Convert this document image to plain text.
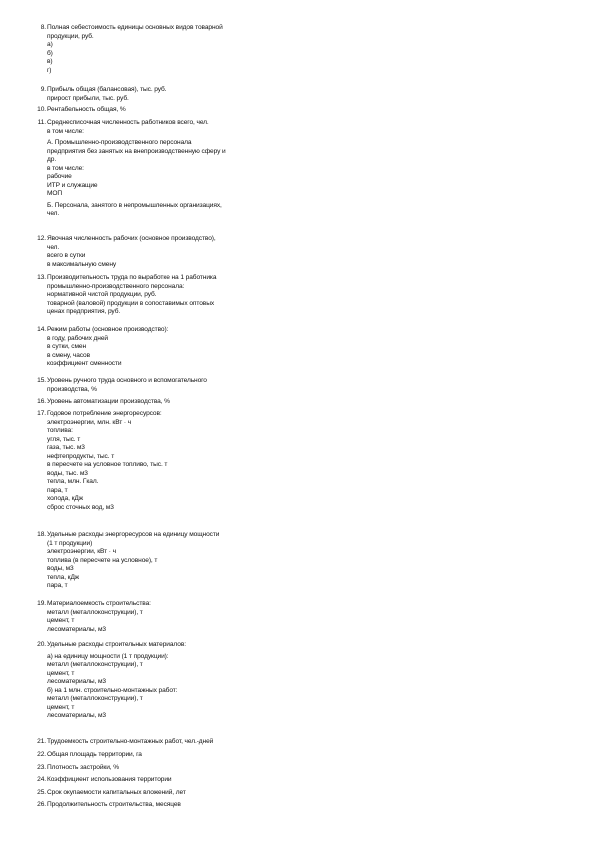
8. Полная себестоимость единицы основных видов товарной
продукции, руб.
а)
б)
в)
г)
9. Прибыль общая (балансовая), тыс. руб.
прирост прибыли, тыс. руб.
10. Рентабельность общая, %
11. Среднесписочная численность работников всего, чел.
в том числе:
А. Промышленно-производственного персонала
предприятия без занятых на внепроизводственную сферу и
др.
в том числе:
рабочие
ИТР и служащие
МОП
Б. Персонала, занятого в непромышленных организациях,
чел.
12. Явочная численность рабочих (основное производство),
чел.
всего в сутки
в максимальную смену
13. Производительность труда по выработке на 1 работника
промышленно-производственного персонала:
нормативной чистой продукции, руб.
товарной (валовой) продукции в сопоставимых оптовых
ценах предприятия, руб.
14. Режим работы (основное производство):
в году, рабочих дней
в сутки, смен
в смену, часов
коэффициент сменности
15. Уровень ручного труда основного и вспомогательного
производства, %
16. Уровень автоматизации производства, %
17. Годовое потребление энергоресурсов:
электроэнергии, млн. кВт · ч
топлива:
угля, тыс. т
газа, тыс. м3
нефтепродукты, тыс. т
в пересчете на условное топливо, тыс. т
воды, тыс. м3
тепла, млн. Гкал.
пара, т
холода, кДж
сброс сточных вод, м3
18. Удельные расходы энергоресурсов на единицу мощности
(1 т продукции)
электроэнергии, кВт · ч
топлива (в пересчете на условное), т
воды, м3
тепла, кДж
пара, т
19. Материалоемкость строительства:
металл (металлоконструкции), т
цемент, т
лесоматериалы, м3
20. Удельные расходы строительных материалов:
а) на единицу мощности (1 т продукции):
металл (металлоконструкции), т
цемент, т
лесоматериалы, м3
б) на 1 млн. строительно-монтажных работ:
металл (металлоконструкции), т
цемент, т
лесоматериалы, м3
21. Трудоемкость строительно-монтажных работ, чел.-дней
22. Общая площадь территории, га
23. Плотность застройки, %
24. Коэффициент использования территории
25. Срок окупаемости капитальных вложений, лет
26. Продолжительность строительства, месяцев
